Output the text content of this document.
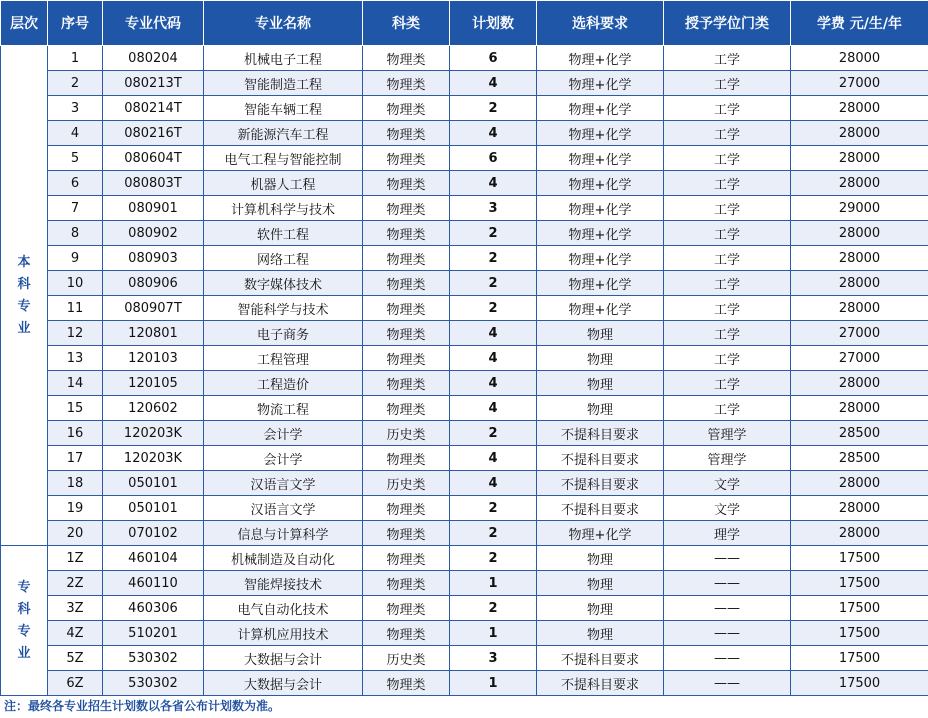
层次	序号	专业代码	专业名称	科类	计划数	选科要求	授予学位门类	学费 元/生/年

本
科
专
业	1	080204	机械电子工程	物理类	6	物理+化学	工学	28000
	2	080213T	智能制造工程	物理类	4	物理+化学	工学	27000
	3	080214T	智能车辆工程	物理类	2	物理+化学	工学	28000
	4	080216T	新能源汽车工程	物理类	4	物理+化学	工学	28000
	5	080604T	电气工程与智能控制	物理类	6	物理+化学	工学	28000
	6	080803T	机器人工程	物理类	4	物理+化学	工学	28000
	7	080901	计算机科学与技术	物理类	3	物理+化学	工学	29000
	8	080902	软件工程	物理类	2	物理+化学	工学	28000
	9	080903	网络工程	物理类	2	物理+化学	工学	28000
	10	080906	数字媒体技术	物理类	2	物理+化学	工学	28000
	11	080907T	智能科学与技术	物理类	2	物理+化学	工学	28000
	12	120801	电子商务	物理类	4	物理	工学	27000
	13	120103	工程管理	物理类	4	物理	工学	27000
	14	120105	工程造价	物理类	4	物理	工学	28000
	15	120602	物流工程	物理类	4	物理	工学	28000
	16	120203K	会计学	历史类	2	不提科目要求	管理学	28500
	17	120203K	会计学	物理类	4	不提科目要求	管理学	28500
	18	050101	汉语言文学	历史类	4	不提科目要求	文学	28000
	19	050101	汉语言文学	物理类	2	不提科目要求	文学	28000
	20	070102	信息与计算科学	物理类	2	物理+化学	理学	28000

专
科
专
业	1Z	460104	机械制造及自动化	物理类	2	物理	——	17500
	2Z	460110	智能焊接技术	物理类	1	物理	——	17500
	3Z	460306	电气自动化技术	物理类	2	物理	——	17500
	4Z	510201	计算机应用技术	物理类	1	物理	——	17500
	5Z	530302	大数据与会计	历史类	3	不提科目要求	——	17500
	6Z	530302	大数据与会计	物理类	1	不提科目要求	——	17500
注：最终各专业招生计划数以各省公布计划数为准。
